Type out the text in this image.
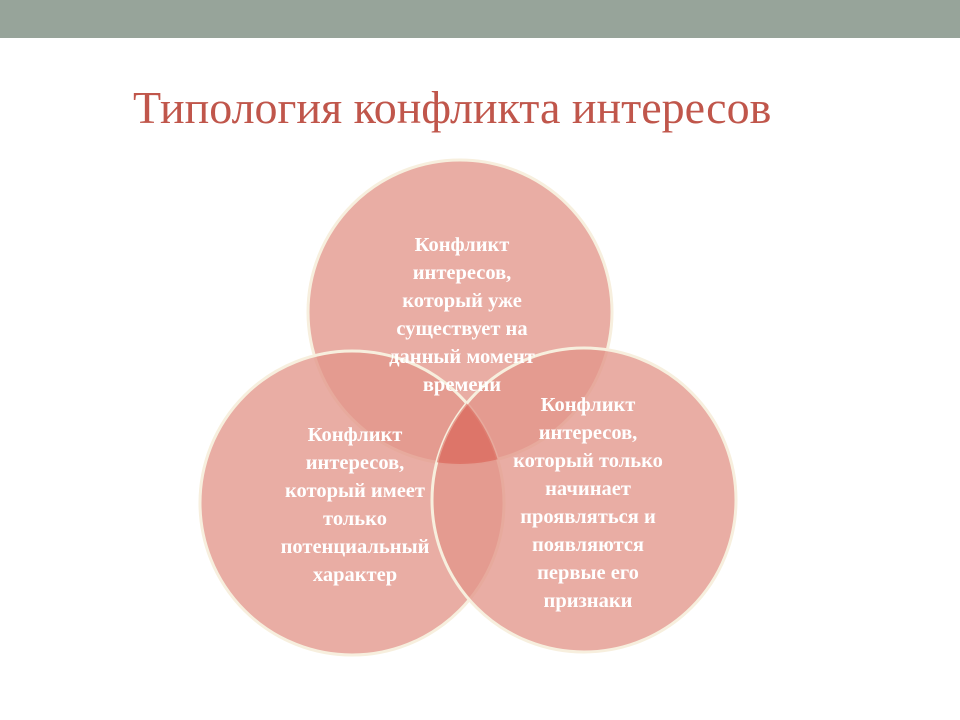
Типология конфликта интересов
Конфликт интересов, который уже существует на данный момент времени
Конфликт интересов, который имеет только потенциальный характер
Конфликт интересов, который только начинает проявляться и появляются первые его признаки
